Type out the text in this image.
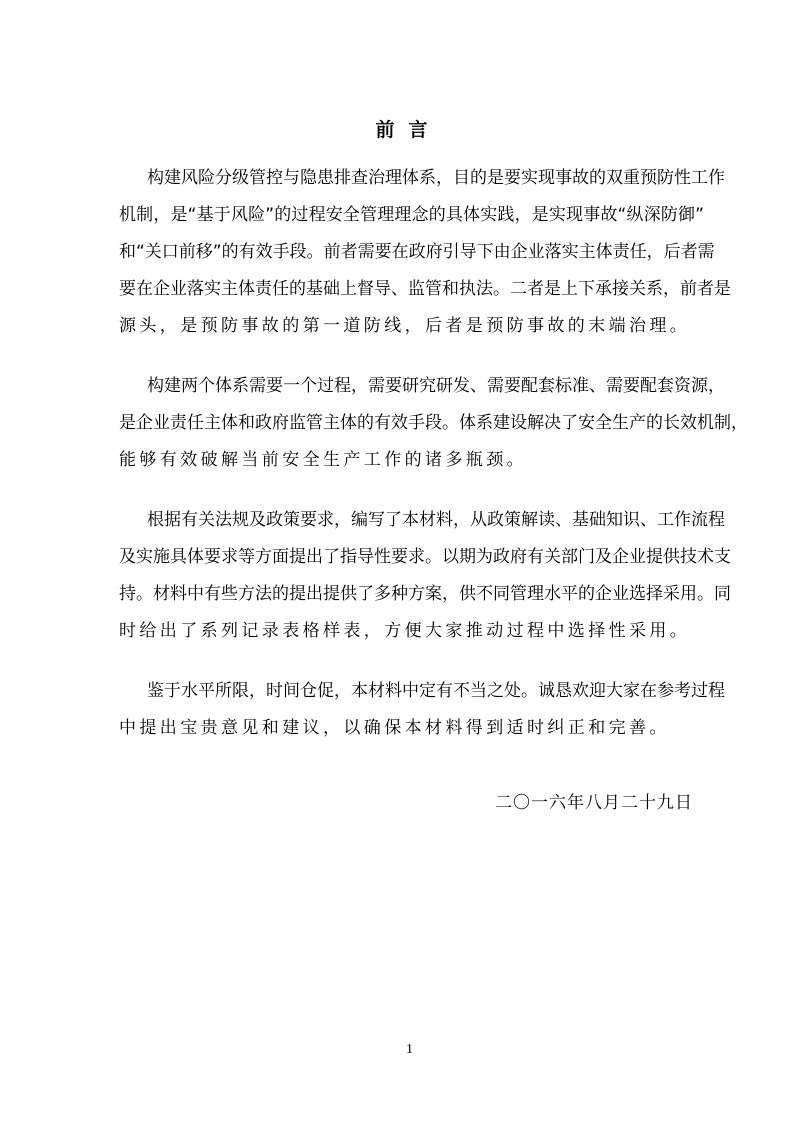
前言
构建风险分级管控与隐患排查治理体系，目的是要实现事故的双重预防性工作
机制，是“基于风险”的过程安全管理理念的具体实践，是实现事故“纵深防御”
和“关口前移”的有效手段。前者需要在政府引导下由企业落实主体责任，后者需
要在企业落实主体责任的基础上督导、监管和执法。二者是上下承接关系，前者是
源头，是预防事故的第一道防线，后者是预防事故的末端治理。
构建两个体系需要一个过程，需要研究研发、需要配套标准、需要配套资源，
是企业责任主体和政府监管主体的有效手段。体系建设解决了安全生产的长效机制，
能够有效破解当前安全生产工作的诸多瓶颈。
根据有关法规及政策要求，编写了本材料，从政策解读、基础知识、工作流程
及实施具体要求等方面提出了指导性要求。以期为政府有关部门及企业提供技术支
持。材料中有些方法的提出提供了多种方案，供不同管理水平的企业选择采用。同
时给出了系列记录表格样表，方便大家推动过程中选择性采用。
鉴于水平所限，时间仓促，本材料中定有不当之处。诚恳欢迎大家在参考过程
中提出宝贵意见和建议，以确保本材料得到适时纠正和完善。
二〇一六年八月二十九日
1
